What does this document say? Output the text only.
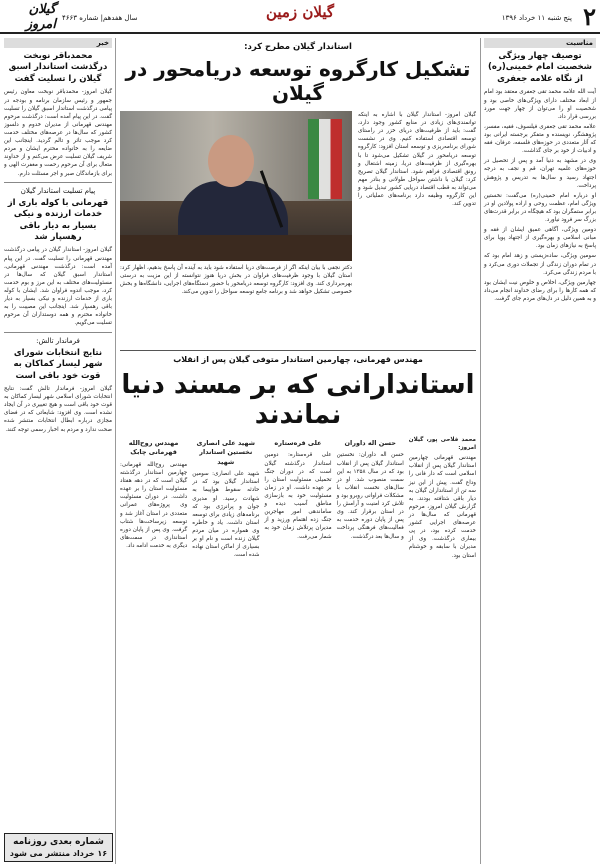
۲
پنج شنبه ۱۱ خرداد ۱۳۹۶
گیلان زمین
سال هفدهم| شماره ۴۶۶۳
گیلان امروز
مناسبت
توصیف چهار ویژگی شخصیت امام خمینی(ره) از نگاه علامه جعفری

آیت الله علامه محمد تقی جعفری معتقد بود امام از ابعاد مختلف دارای ویژگی‌های خاصی بود و شخصیت او را می‌توان از چهار جهت مورد بررسی قرار داد.

علامه محمد تقی جعفری فیلسوف، فقیه، مفسر، پژوهشگر، نویسنده و متفکر برجسته ایرانی بود که آثار متعددی در حوزه‌های فلسفه، عرفان، فقه و ادبیات از خود بر جای گذاشت.

وی در مشهد به دنیا آمد و پس از تحصیل در حوزه‌های علمیه تهران، قم و نجف به درجه اجتهاد رسید و سال‌ها به تدریس و پژوهش پرداخت.

او درباره امام خمینی(ره) می‌گفت: نخستین ویژگی امام، عظمت روحی و اراده پولادین او در برابر ستمگران بود که هیچگاه در برابر قدرت‌های بزرگ سر فرود نیاورد.

دومین ویژگی، آگاهی عمیق ایشان از فقه و مبانی اسلامی و بهره‌گیری از اجتهاد پویا برای پاسخ به نیازهای زمان بود.

سومین ویژگی، ساده‌زیستی و زهد امام بود که در تمام دوران زندگی از تجملات دوری می‌کرد و با مردم زندگی می‌کرد.

چهارمین ویژگی، اخلاص و خلوص نیت ایشان بود که همه کارها را برای رضای خداوند انجام می‌داد و به همین دلیل در دل‌های مردم جای گرفت.

خبر
محمدباقر نوبخت درگذشت استاندار اسبق گیلان را تسلیت گفت

گیلان امروز- محمدباقر نوبخت معاون رئیس جمهور و رئیس سازمان برنامه و بودجه در پیامی درگذشت استاندار اسبق گیلان را تسلیت گفت. در این پیام آمده است: درگذشت مرحوم مهندس قهرمانی از مدیران خدوم و دلسوز کشور که سال‌ها در عرصه‌های مختلف خدمت کرد موجب تاثر و تالم گردید. اینجانب این ضایعه را به خانواده محترم ایشان و مردم شریف گیلان تسلیت عرض می‌کنم و از خداوند متعال برای آن مرحوم رحمت و مغفرت الهی و برای بازماندگان صبر و اجر مسئلت دارم.

پیام تسلیت استاندار گیلان
قهرمانی با کوله باری از خدمات ارزنده و نیکی بسیار به دیار باقی رهسپار شد

گیلان امروز- استاندار گیلان در پیامی درگذشت مهندس قهرمانی را تسلیت گفت. در این پیام آمده است: درگذشت مهندس قهرمانی، استاندار اسبق گیلان که سال‌ها در مسئولیت‌های مختلف به این مرز و بوم خدمت کرد، موجب اندوه فراوان شد. ایشان با کوله باری از خدمات ارزنده و نیکی بسیار به دیار باقی رهسپار شد. اینجانب این مصیبت را به خانواده محترم و همه دوستداران آن مرحوم تسلیت می‌گویم.

فرماندار تالش:
نتایج انتخابات شورای شهر لیسار کماکان به قوت خود باقی است

گیلان امروز- فرماندار تالش گفت: نتایج انتخابات شورای اسلامی شهر لیسار کماکان به قوت خود باقی است و هیچ تغییری در آن ایجاد نشده است. وی افزود: شایعاتی که در فضای مجازی درباره ابطال انتخابات منتشر شده صحت ندارد و مردم به اخبار رسمی توجه کنند.

شماره بعدی روزنامه
۱۶ خرداد منتشر می شود
استاندار گیلان مطرح کرد:
تشکیل کارگروه توسعه دریامحور در گیلان
دکتر نجفی با بیان اینکه اگر از فرصت‌های دریا استفاده شود باید به آینده آن پاسخ بدهیم، اظهار کرد: استان گیلان با وجود ظرفیت‌های فراوان در بخش دریا هنوز نتوانسته از این مزیت به درستی بهره‌برداری کند. وی افزود: کارگروه توسعه دریامحور با حضور دستگاه‌های اجرایی، دانشگاه‌ها و بخش خصوصی تشکیل خواهد شد و برنامه جامع توسعه سواحل را تدوین می‌کند.
گیلان امروز- استاندار گیلان با اشاره به اینکه توانمندی‌های زیادی در منابع کشور وجود دارد، گفت: باید از ظرفیت‌های دریای خزر در راستای توسعه اقتصادی استفاده کنیم. وی در نشست شورای برنامه‌ریزی و توسعه استان افزود: کارگروه توسعه دریامحور در گیلان تشکیل می‌شود تا با بهره‌گیری از ظرفیت‌های دریا، زمینه اشتغال و رونق اقتصادی فراهم شود. استاندار گیلان تصریح کرد: گیلان با داشتن سواحل طولانی و بنادر مهم می‌تواند به قطب اقتصاد دریایی کشور تبدیل شود و این کارگروه وظیفه دارد برنامه‌های عملیاتی را تدوین کند.
مهندس قهرمانی، چهارمین استاندار متوفی گیلان پس از انقلاب
استاندارانی که بر مسند دنیا نماندند

محمد فلاحی پور، گیلان امروز:

مهندس قهرمانی چهارمین استاندار گیلان پس از انقلاب اسلامی است که دار فانی را وداع گفت. پیش از این نیز سه تن از استانداران گیلان به دیار باقی شتافته بودند. به گزارش گیلان امروز، مرحوم قهرمانی که سال‌ها در عرصه‌های اجرایی کشور خدمت کرده بود، در پی بیماری درگذشت. وی از مدیران با سابقه و خوشنام استان بود.

حسن اله داوران

حسن اله داوران: نخستین استاندار گیلان پس از انقلاب بود که در سال ۱۳۵۸ به این سمت منصوب شد. او در سال‌های نخست انقلاب با مشکلات فراوانی روبرو بود و تلاش کرد امنیت و آرامش را در استان برقرار کند. وی پس از پایان دوره خدمت به فعالیت‌های فرهنگی پرداخت و سال‌ها بعد درگذشت.

علی قره‌ستاره

علی قره‌ستاره: دومین استاندار درگذشته گیلان است که در دوران جنگ تحمیلی مسئولیت استان را بر عهده داشت. او در زمان مسئولیت خود به بازسازی مناطق آسیب دیده و ساماندهی امور مهاجرین جنگ زده اهتمام ورزید و از مدیران پرتلاش زمان خود به شمار می‌رفت.

شهید علی انصاری نخستین استاندار شهید

شهید علی انصاری: سومین استاندار گیلان بود که در حادثه سقوط هواپیما به شهادت رسید. او مدیری جوان و پرانرژی بود که برنامه‌های زیادی برای توسعه استان داشت. یاد و خاطره وی همواره در میان مردم گیلان زنده است و نام او بر بسیاری از اماکن استان نهاده شده است.

مهندس روح‌الله قهرمانی چابک

مهندس روح‌الله قهرمانی: چهارمین استاندار درگذشته گیلان است که در دهه هفتاد مسئولیت استان را بر عهده داشت. در دوران مسئولیت وی پروژه‌های عمرانی متعددی در استان آغاز شد و توسعه زیرساخت‌ها شتاب گرفت. وی پس از پایان دوره استانداری در سمت‌های دیگری به خدمت ادامه داد.
